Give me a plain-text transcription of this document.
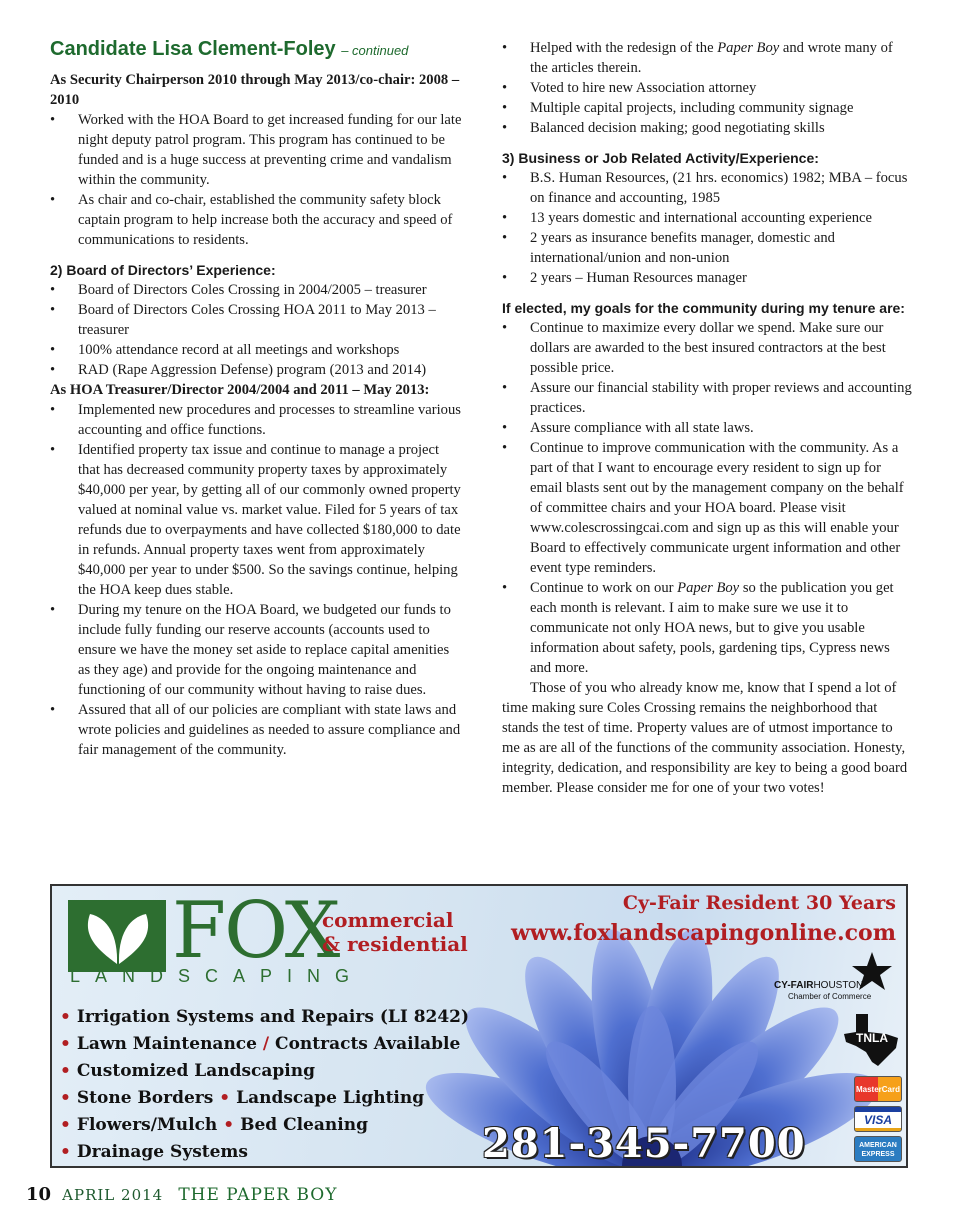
Candidate Lisa Clement-Foley – continued

As Security Chairperson 2010 through May 2013/co-chair: 2008 – 2010

• Worked with the HOA Board to get increased funding for our late night deputy patrol program. This program has continued to be funded and is a huge success at preventing crime and vandalism within the community.
• As chair and co-chair, established the community safety block captain program to help increase both the accuracy and speed of communications to residents.

2) Board of Directors’ Experience:

• Board of Directors Coles Crossing in 2004/2005 – treasurer
• Board of Directors Coles Crossing HOA 2011 to May 2013 – treasurer
• 100% attendance record at all meetings and workshops
• RAD (Rape Aggression Defense) program (2013 and 2014)

As HOA Treasurer/Director 2004/2004 and 2011 – May 2013:

• Implemented new procedures and processes to streamline various accounting and office functions.
• Identified property tax issue and continue to manage a project that has decreased community property taxes by approximately $40,000 per year, by getting all of our commonly owned property valued at nominal value vs. market value. Filed for 5 years of tax refunds due to overpayments and have collected $180,000 to date in refunds. Annual property taxes went from approximately $40,000 per year to under $500. So the savings continue, helping the HOA keep dues stable.
• During my tenure on the HOA Board, we budgeted our funds to include fully funding our reserve accounts (accounts used to ensure we have the money set aside to replace capital amenities as they age) and provide for the ongoing maintenance and functioning of our community without having to raise dues.
• Assured that all of our policies are compliant with state laws and wrote policies and guidelines as needed to assure compliance and fair management of the community.
• Helped with the redesign of the Paper Boy and wrote many of the articles therein.
• Voted to hire new Association attorney
• Multiple capital projects, including community signage
• Balanced decision making; good negotiating skills

3) Business or Job Related Activity/Experience:

• B.S. Human Resources, (21 hrs. economics) 1982; MBA – focus on finance and accounting, 1985
• 13 years domestic and international accounting experience
• 2 years as insurance benefits manager, domestic and international/union and non-union
• 2 years – Human Resources manager

If elected, my goals for the community during my tenure are:

• Continue to maximize every dollar we spend. Make sure our dollars are awarded to the best insured contractors at the best possible price.
• Assure our financial stability with proper reviews and accounting practices.
• Assure compliance with all state laws.
• Continue to improve communication with the community. As a part of that I want to encourage every resident to sign up for email blasts sent out by the management company on the behalf of committee chairs and your HOA board. Please visit www.colescrossingcai.com and sign up as this will enable your Board to effectively communicate urgent information and other event type reminders.
• Continue to work on our Paper Boy so the publication you get each month is relevant. I aim to make sure we use it to communicate not only HOA news, but to give you usable information about safety, pools, gardening tips, Cypress news and more.

Those of you who already know me, know that I spend a lot of time making sure Coles Crossing remains the neighborhood that stands the test of time. Property values are of utmost importance to me as are all of the functions of the community association. Honesty, integrity, dedication, and responsibility are key to being a good board member. Please consider me for one of your two votes!

FOX
commercial
& residential
LANDSCAPING
Cy-Fair Resident 30 Years
www.foxlandscapingonline.com
• Irrigation Systems and Repairs (LI 8242)
• Lawn Maintenance / Contracts Available
• Customized Landscaping
• Stone Borders • Landscape Lighting
• Flowers/Mulch • Bed Cleaning
• Drainage Systems	281-345-7700
CY-FAIRHOUSTON
Chamber of Commerce
TNLA
MasterCard
VISA
AMERICAN
EXPRESS
10 APRIL 2014 THE PAPER BOY
